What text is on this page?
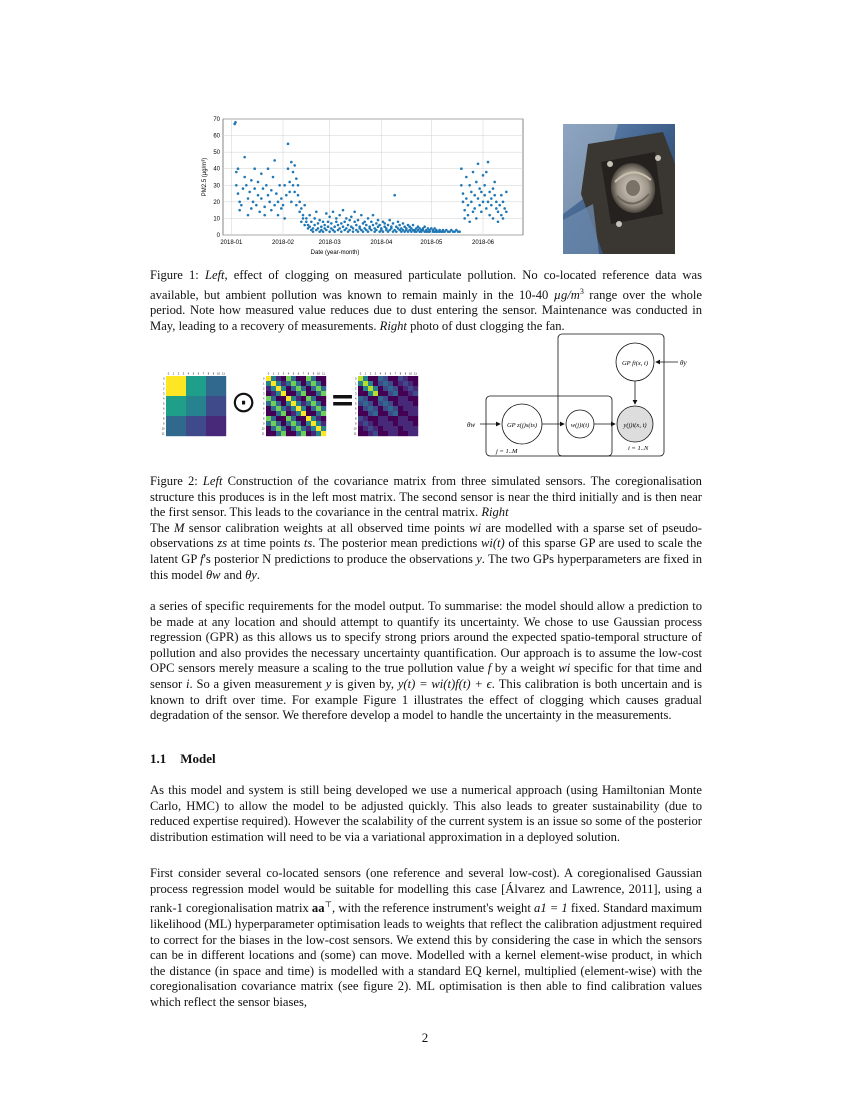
0
10
20
30
40
50
60
70
2018-01	2018-02	2018-03	2018-04	2018-05	2018-06
Date (year-month)
PM2.5 (µg/m³)

Figure 1: Left, effect of clogging on measured particulate pollution. No co-located reference data was available, but ambient pollution was known to remain mainly in the 10-40 $\mu g/m^3$ range over the whole period. Note how measured value reduces due to dust entering the sensor. Maintenance was conducted in May, leading to a recovery of measurements. Right photo of dust clogging the fan.

0
0
1
1
2
2
3
3
4
4
5
5
6
6
7
7
8
8
9
9
10
10
11
11
⊙
0
0
1
1
2
2
3
3
4
4
5
5
6
6
7
7
8
8
9
9
10
10
11
11
=
0
0
1
1
2
2
3
3
4
4
5
5
6
6
7
7
8
8
9
9
10
10
11
11
θw
θy
GP z(j)s(ts)	w(j)i(t)	y(j)i(x, t)
GP fi(x, t)
j = 1..M	i = 1..N

Figure 2: Left Construction of the covariance matrix from three simulated sensors. The coregionalisation structure this produces is in the left most matrix. The second sensor is near the third initially and is then near the first sensor. This leads to the covariance in the central matrix. Right
The M sensor calibration weights at all observed time points wi are modelled with a sparse set of pseudo-observations zs at time points ts. The posterior mean predictions wi(t) of this sparse GP are used to scale the latent GP f's posterior N predictions to produce the observations y. The two GPs hyperparameters are fixed in this model θw and θy.

a series of specific requirements for the model output. To summarise: the model should allow a prediction to be made at any location and should attempt to quantify its uncertainty. We chose to use Gaussian process regression (GPR) as this allows us to specify strong priors around the expected spatio-temporal structure of pollution and also provides the necessary uncertainty quantification. Our approach is to assume the low-cost OPC sensors merely measure a scaling to the true pollution value f by a weight wi specific for that time and sensor i. So a given measurement y is given by, y(t) = wi(t)f(t) + ϵ. This calibration is both uncertain and is known to drift over time. For example Figure 1 illustrates the effect of clogging which causes gradual degradation of the sensor. We therefore develop a model to handle the uncertainty in the measurements.

1.1 Model

As this model and system is still being developed we use a numerical approach (using Hamiltonian Monte Carlo, HMC) to allow the model to be adjusted quickly. This also leads to greater sustainability (due to reduced expertise required). However the scalability of the current system is an issue so some of the posterior distribution estimation will need to be via a variational approximation in a deployed solution.

First consider several co-located sensors (one reference and several low-cost). A coregionalised Gaussian process regression model would be suitable for modelling this case [Álvarez and Lawrence, 2011], using a rank-1 coregionalisation matrix aa⊤, with the reference instrument's weight a1 = 1 fixed. Standard maximum likelihood (ML) hyperparameter optimisation leads to weights that reflect the calibration adjustment required to correct for the biases in the low-cost sensors. We extend this by considering the case in which the sensors can be in different locations and (some) can move. Modelled with a kernel element-wise product, in which the distance (in space and time) is modelled with a standard EQ kernel, multiplied (element-wise) with the coregionalisation covariance matrix (see figure 2). ML optimisation is then able to find calibration values which reflect the sensor biases,

2
